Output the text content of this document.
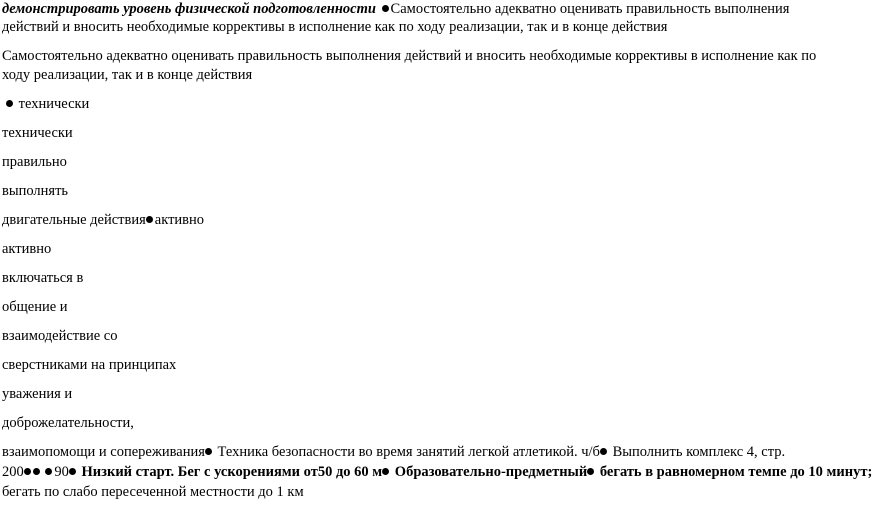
демонстрировать уровень физической подготовленности Самостоятельно адекватно оценивать правильность выполнения
действий и вносить необходимые коррективы в исполнение как по ходу реализации, так и в конце действия
Самостоятельно адекватно оценивать правильность выполнения действий и вносить необходимые коррективы в исполнение как по
ходу реализации, так и в конце действия
технически
технически
правильно
выполнять
двигательные действия активно
активно
включаться в
общение и
взаимодействие со
сверстниками на принципах
уважения и
доброжелательности,
взаимопомощи и сопереживания Техника безопасности во время занятий легкой атлетикой. ч/б Выполнить комплекс 4, стр.
200 90 Низкий старт. Бег с ускорениями от50 до 60 м Образовательно-предметный бегать в равномерном темпе до 10 минут;
бегать по слабо пересеченной местности до 1 км
